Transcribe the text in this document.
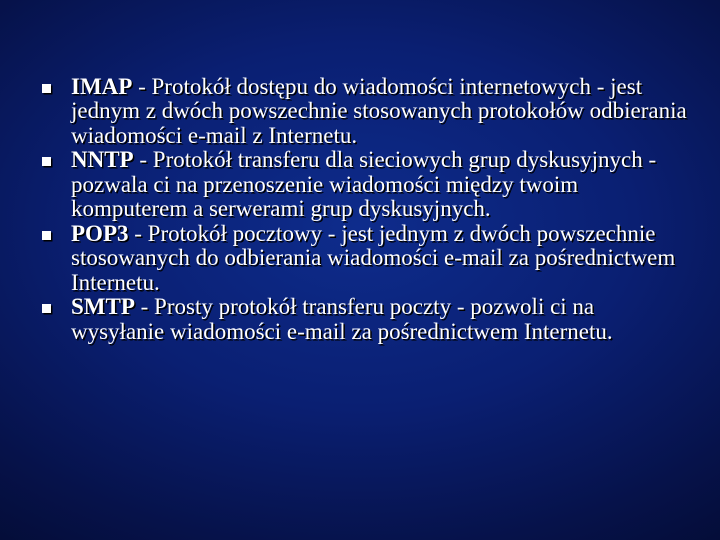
IMAP - Protokół dostępu do wiadomości internetowych - jest jednym z dwóch powszechnie stosowanych protokołów odbierania wiadomości e-mail z Internetu.
NNTP - Protokół transferu dla sieciowych grup dyskusyjnych - pozwala ci na przenoszenie wiadomości między twoim komputerem a serwerami grup dyskusyjnych.
POP3 - Protokół pocztowy - jest jednym z dwóch powszechnie stosowanych do odbierania wiadomości e-mail za pośrednictwem Internetu.
SMTP - Prosty protokół transferu poczty - pozwoli ci na wysyłanie wiadomości e-mail za pośrednictwem Internetu.
